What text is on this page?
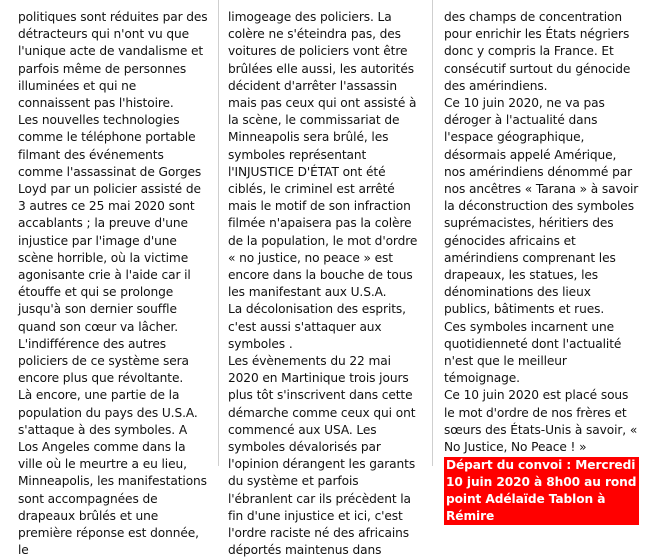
politiques sont réduites par des détracteurs qui n'ont vu que l'unique acte de vandalisme et parfois même de personnes illuminées et qui ne connaissent pas l'histoire.

Les nouvelles technologies comme le téléphone portable filmant des événements comme l'assassinat de Gorges Loyd par un policier assisté de 3 autres ce 25 mai 2020 sont accablants ; la preuve d'une injustice par l'image d'une scène horrible, où la victime agonisante crie à l'aide car il étouffe et qui se prolonge jusqu'à son dernier souffle quand son cœur va lâcher.

L'indifférence des autres policiers de ce système sera encore plus que révoltante.

Là encore, une partie de la population du pays des U.S.A. s'attaque à des symboles. A Los Angeles comme dans la ville où le meurtre a eu lieu, Minneapolis, les manifestations sont accompagnées de drapeaux brûlés et une première réponse est donnée, le

limogeage des policiers. La colère ne s'éteindra pas, des voitures de policiers vont être brûlées elle aussi, les autorités décident d'arrêter l'assassin mais pas ceux qui ont assisté à la scène, le commissariat de Minneapolis sera brûlé, les symboles représentant l'INJUSTICE D'ÉTAT ont été ciblés, le criminel est arrêté mais le motif de son infraction filmée n'apaisera pas la colère de la population, le mot d'ordre « no justice, no peace » est encore dans la bouche de tous les manifestant aux U.S.A.

La décolonisation des esprits, c'est aussi s'attaquer aux symboles .

Les évènements du 22 mai 2020 en Martinique trois jours plus tôt s'inscrivent dans cette démarche comme ceux qui ont commencé aux USA. Les symboles dévalorisés par l'opinion dérangent les garants du système et parfois l'ébranlent car ils précèdent la fin d'une injustice et ici, c'est l'ordre raciste né des africains déportés maintenus dans

des champs de concentration pour enrichir les États négriers donc y compris la France. Et consécutif surtout du génocide des amérindiens.

Ce 10 juin 2020, ne va pas déroger à l'actualité dans l'espace géographique, désormais appelé Amérique, nos amérindiens dénommé par nos ancêtres « Tarana » à savoir la déconstruction des symboles suprémacistes, héritiers des génocides africains et amérindiens comprenant les drapeaux, les statues, les dénominations des lieux publics, bâtiments et rues.

Ces symboles incarnent une quotidienneté dont l'actualité n'est que le meilleur témoignage.

Ce 10 juin 2020 est placé sous le mot d'ordre de nos frères et sœurs des États-Unis à savoir, « No Justice, No Peace ! »

Départ du convoi : Mercredi 10 juin 2020 à 8h00 au rond point Adélaïde Tablon à Rémire
